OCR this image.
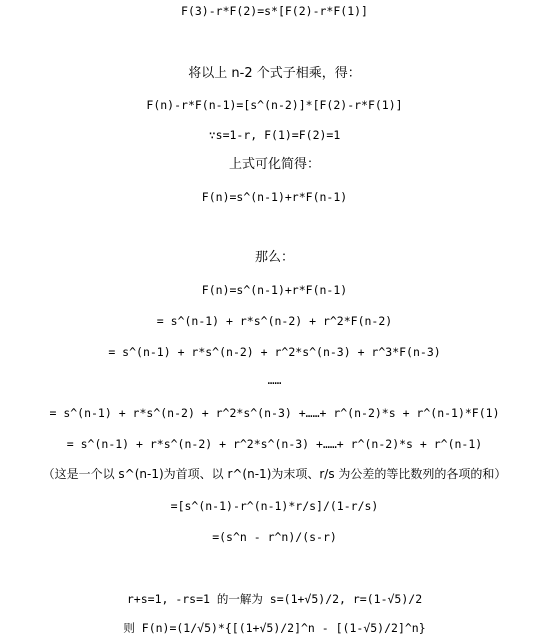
F(3)-r*F(2)=s*[F(2)-r*F(1)]
将以上 n-2 个式子相乘，得：
F(n)-r*F(n-1)=[s^(n-2)]*[F(2)-r*F(1)]
∵s=1-r, F(1)=F(2)=1
上式可化简得：
F(n)=s^(n-1)+r*F(n-1)
那么：
F(n)=s^(n-1)+r*F(n-1)
= s^(n-1) + r*s^(n-2) + r^2*F(n-2)
= s^(n-1) + r*s^(n-2) + r^2*s^(n-3) + r^3*F(n-3)
……
= s^(n-1) + r*s^(n-2) + r^2*s^(n-3) +……+ r^(n-2)*s + r^(n-1)*F(1)
= s^(n-1) + r*s^(n-2) + r^2*s^(n-3) +……+ r^(n-2)*s + r^(n-1)
（这是一个以 s^(n-1)为首项、以 r^(n-1)为末项、r/s 为公差的等比数列的各项的和）
=[s^(n-1)-r^(n-1)*r/s]/(1-r/s)
=(s^n - r^n)/(s-r)
r+s=1, -rs=1 的一解为 s=(1+√5)/2, r=(1-√5)/2
则 F(n)=(1/√5)*{[(1+√5)/2]^n - [(1-√5)/2]^n}
